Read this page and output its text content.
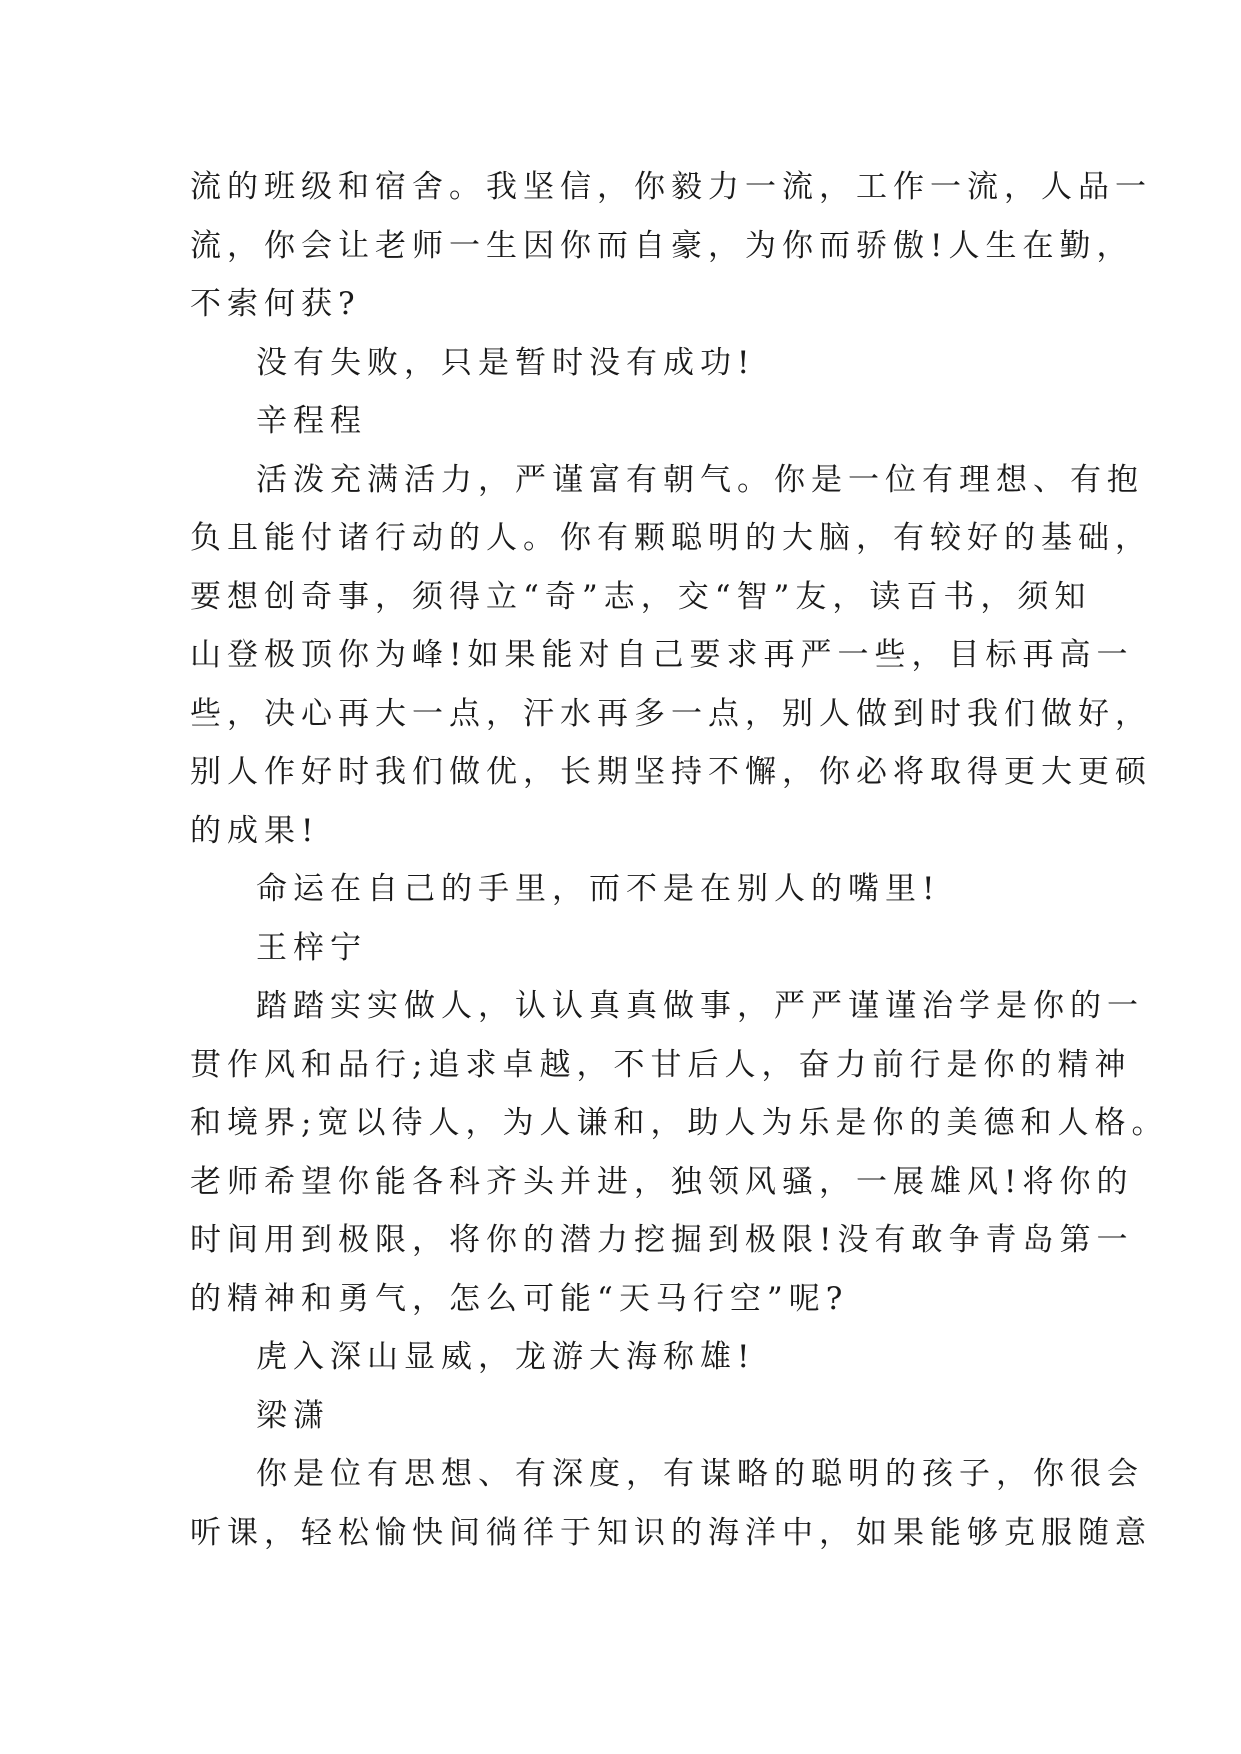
流的班级和宿舍。我坚信，你毅力一流，工作一流，人品一
流，你会让老师一生因你而自豪，为你而骄傲!人生在勤，
不索何获?
没有失败，只是暂时没有成功!
辛程程
活泼充满活力，严谨富有朝气。你是一位有理想、有抱
负且能付诸行动的人。你有颗聪明的大脑，有较好的基础，
要想创奇事，须得立“奇”志，交“智”友，读百书，须知
山登极顶你为峰!如果能对自己要求再严一些，目标再高一
些，决心再大一点，汗水再多一点，别人做到时我们做好，
别人作好时我们做优，长期坚持不懈，你必将取得更大更硕
的成果!
命运在自己的手里，而不是在别人的嘴里!
王梓宁
踏踏实实做人，认认真真做事，严严谨谨治学是你的一
贯作风和品行;追求卓越，不甘后人，奋力前行是你的精神
和境界;宽以待人，为人谦和，助人为乐是你的美德和人格。
老师希望你能各科齐头并进，独领风骚，一展雄风!将你的
时间用到极限，将你的潜力挖掘到极限!没有敢争青岛第一
的精神和勇气，怎么可能“天马行空”呢?
虎入深山显威，龙游大海称雄!
梁潇
你是位有思想、有深度，有谋略的聪明的孩子，你很会
听课，轻松愉快间徜徉于知识的海洋中，如果能够克服随意
